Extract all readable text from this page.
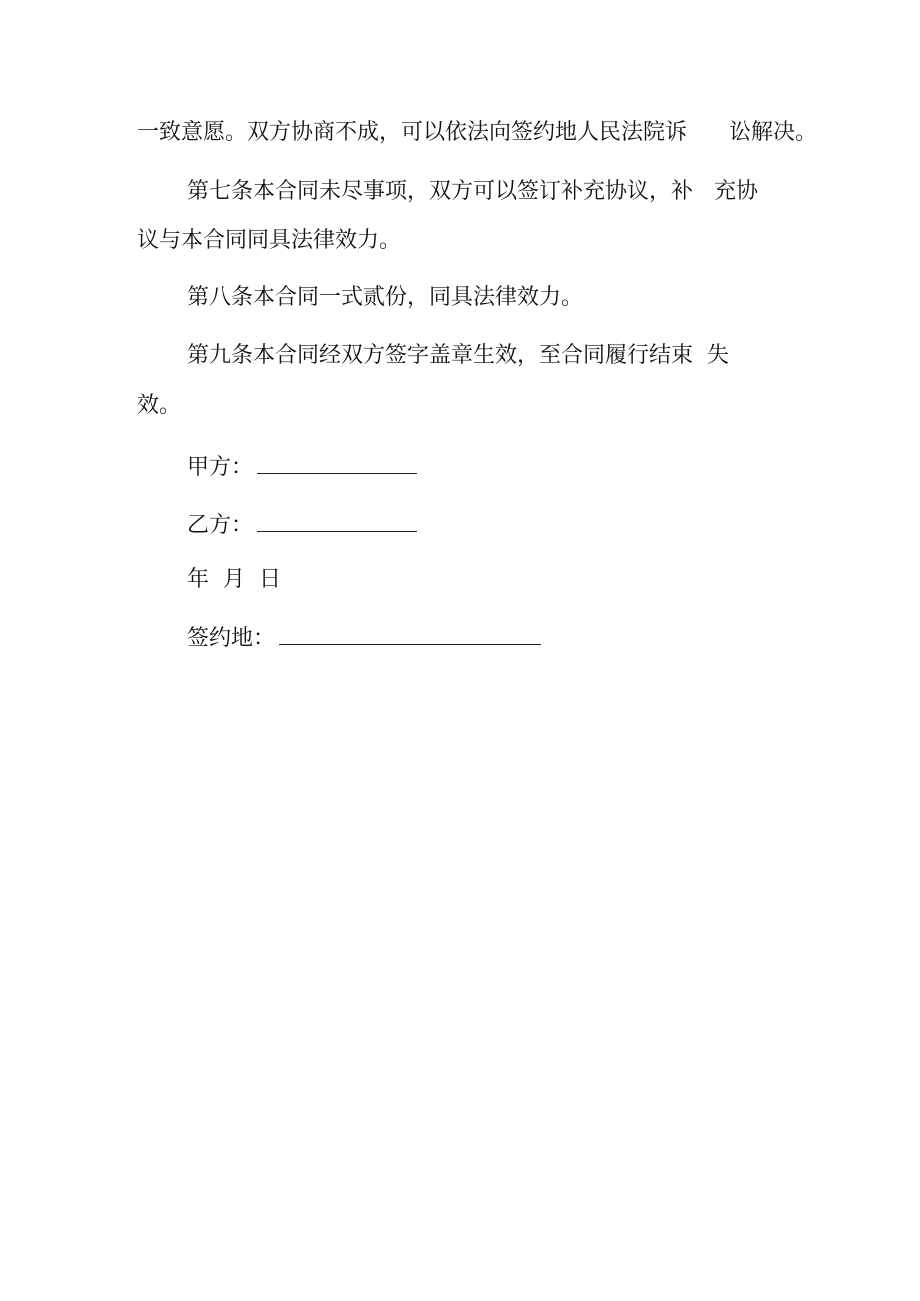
一致意愿。双方协商不成，可以依法向签约地人民法院诉      讼解决。
第七条本合同未尽事项，双方可以签订补充协议，补   充协
议与本合同同具法律效力。
第八条本合同一式贰份，同具法律效力。
第九条本合同经双方签字盖章生效，至合同履行结束  失
效。
甲方：
乙方：
年  月  日
签约地：
